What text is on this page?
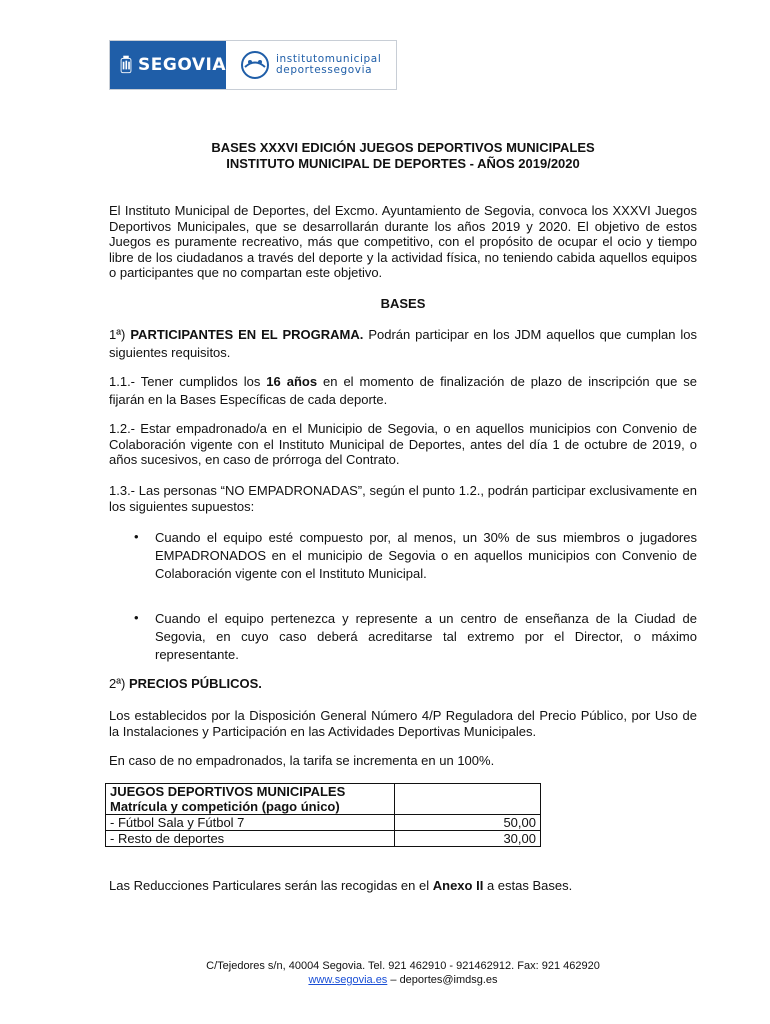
SEGOVIA	institutomunicipal
deportessegovia
BASES XXXVI EDICIÓN JUEGOS DEPORTIVOS MUNICIPALES
INSTITUTO MUNICIPAL DE DEPORTES - AÑOS 2019/2020

El Instituto Municipal de Deportes, del Excmo. Ayuntamiento de Segovia, convoca los XXXVI Juegos Deportivos Municipales, que se desarrollarán durante los años 2019 y 2020. El objetivo de estos Juegos es puramente recreativo, más que competitivo, con el propósito de ocupar el ocio y tiempo libre de los ciudadanos a través del deporte y la actividad física, no teniendo cabida aquellos equipos o participantes que no compartan este objetivo.

BASES

1ª) PARTICIPANTES EN EL PROGRAMA. Podrán participar en los JDM aquellos que cumplan los siguientes requisitos.

1.1.- Tener cumplidos los 16 años en el momento de finalización de plazo de inscripción que se fijarán en la Bases Específicas de cada deporte.

1.2.- Estar empadronado/a en el Municipio de Segovia, o en aquellos municipios con Convenio de Colaboración vigente con el Instituto Municipal de Deportes, antes del día 1 de octubre de 2019, o años sucesivos, en caso de prórroga del Contrato.

1.3.- Las personas “NO EMPADRONADAS”, según el punto 1.2., podrán participar exclusivamente en los siguientes supuestos:

• Cuando el equipo esté compuesto por, al menos, un 30% de sus miembros o jugadores EMPADRONADOS en el municipio de Segovia o en aquellos municipios con Convenio de Colaboración vigente con el Instituto Municipal.

• Cuando el equipo pertenezca y represente a un centro de enseñanza de la Ciudad de Segovia, en cuyo caso deberá acreditarse tal extremo por el Director, o máximo representante.

2ª) PRECIOS PÚBLICOS.

Los establecidos por la Disposición General Número 4/P Reguladora del Precio Público, por Uso de la Instalaciones y Participación en las Actividades Deportivas Municipales.

En caso de no empadronados, la tarifa se incrementa en un 100%.

JUEGOS DEPORTIVOS MUNICIPALES
Matrícula y competición (pago único)	

- Fútbol Sala y Fútbol 7	50,00
- Resto de deportes	30,00

Las Reducciones Particulares serán las recogidas en el Anexo II a estas Bases.

C/Tejedores s/n, 40004 Segovia. Tel. 921 462910 - 921462912. Fax: 921 462920
www.segovia.es – deportes@imdsg.es
